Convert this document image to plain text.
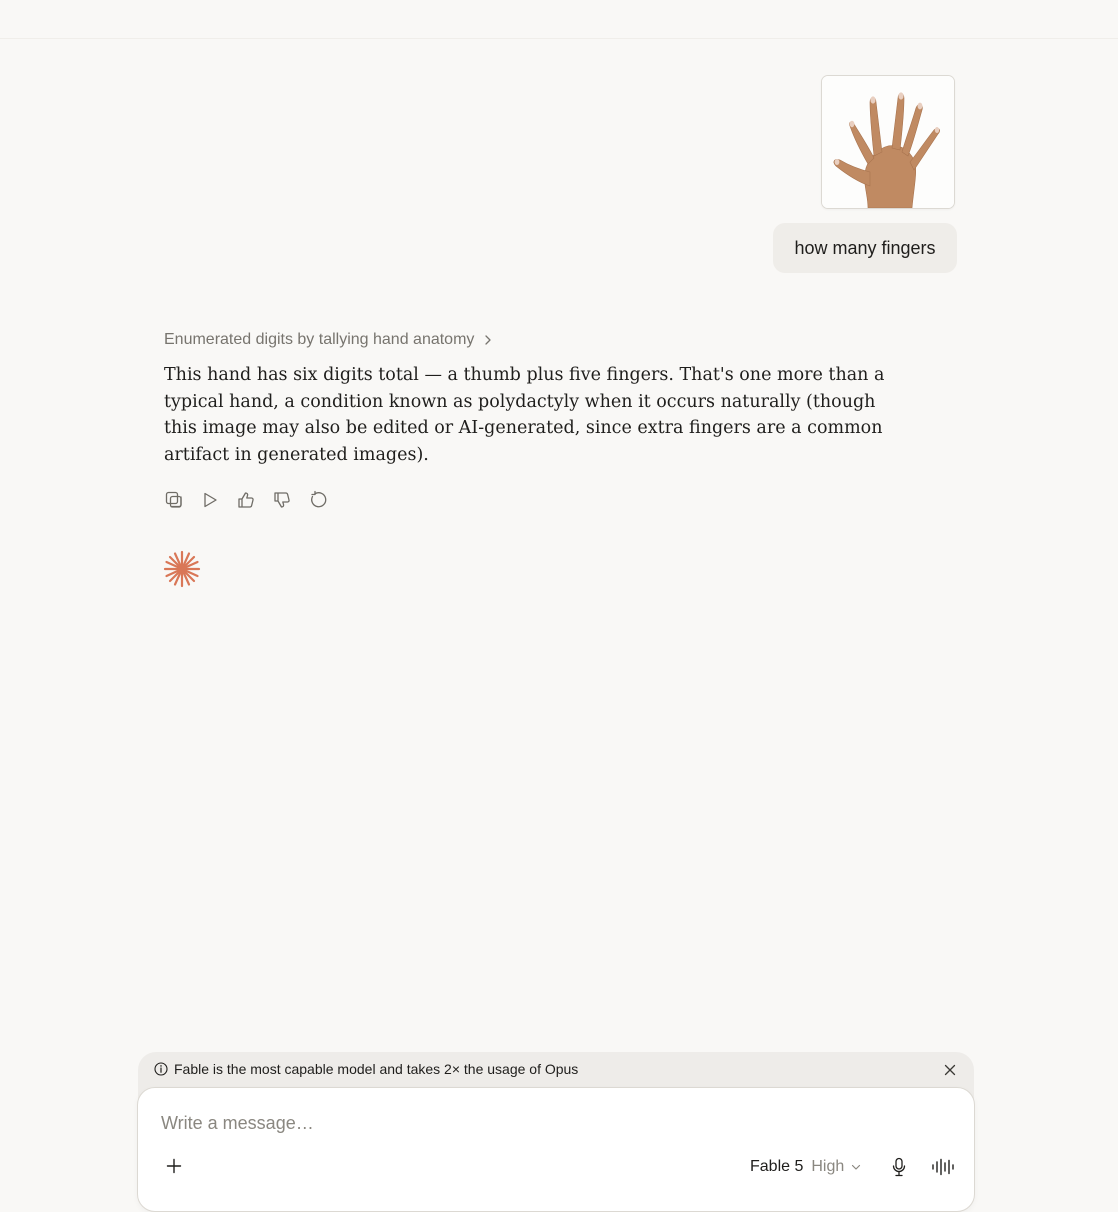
how many fingers
Enumerated digits by tallying hand anatomy

This hand has six digits total — a thumb plus five fingers. That's one more than a typical hand, a condition known as polydactyly when it occurs naturally (though this image may also be edited or AI-generated, since extra fingers are a common artifact in generated images).

Fable is the most capable model and takes 2× the usage of Opus
Write a message…
Fable 5 High
